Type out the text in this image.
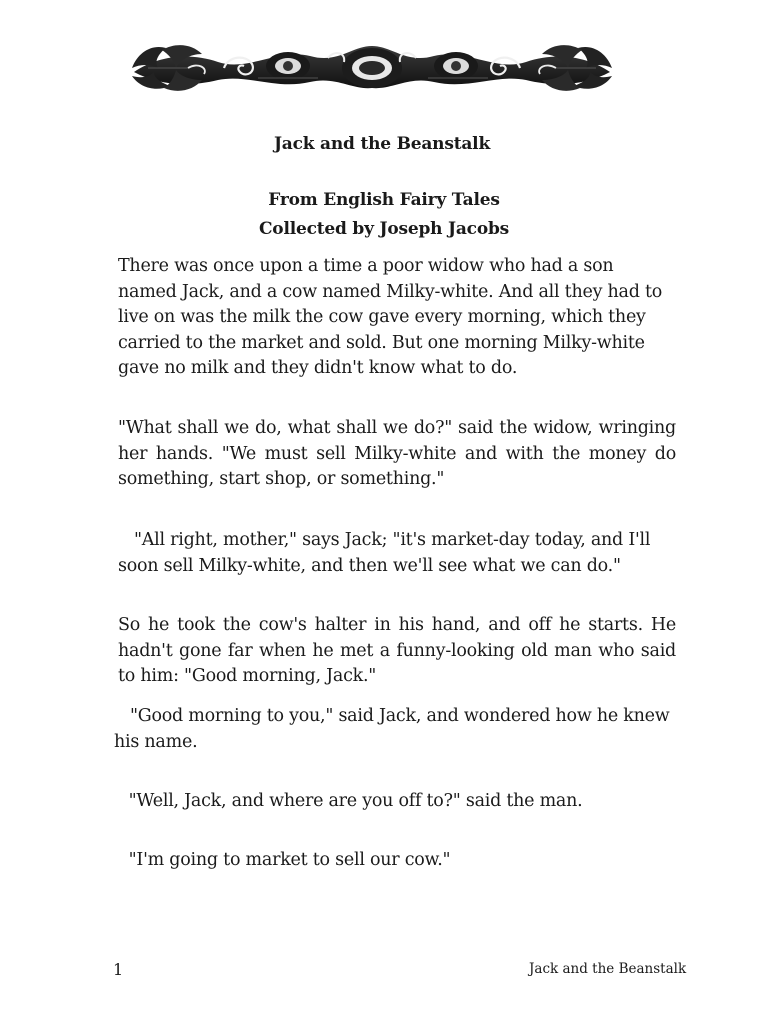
Jack and the Beanstalk
From English Fairy Tales
Collected by Joseph Jacobs

There was once upon a time a poor widow who had a son named Jack, and a cow named Milky-white. And all they had to live on was the milk the cow gave every morning, which they carried to the market and sold. But one morning Milky-white gave no milk and they didn't know what to do.

"What shall we do, what shall we do?" said the widow, wringing her hands. "We must sell Milky-white and with the money do something, start shop, or something."

"All right, mother," says Jack; "it's market-day today, and I'll soon sell Milky-white, and then we'll see what we can do."

So he took the cow's halter in his hand, and off he starts. He hadn't gone far when he met a funny-looking old man who said to him: "Good morning, Jack."

"Good morning to you," said Jack, and wondered how he knew his name.

"Well, Jack, and where are you off to?" said the man.

"I'm going to market to sell our cow."

1	Jack and the Beanstalk
